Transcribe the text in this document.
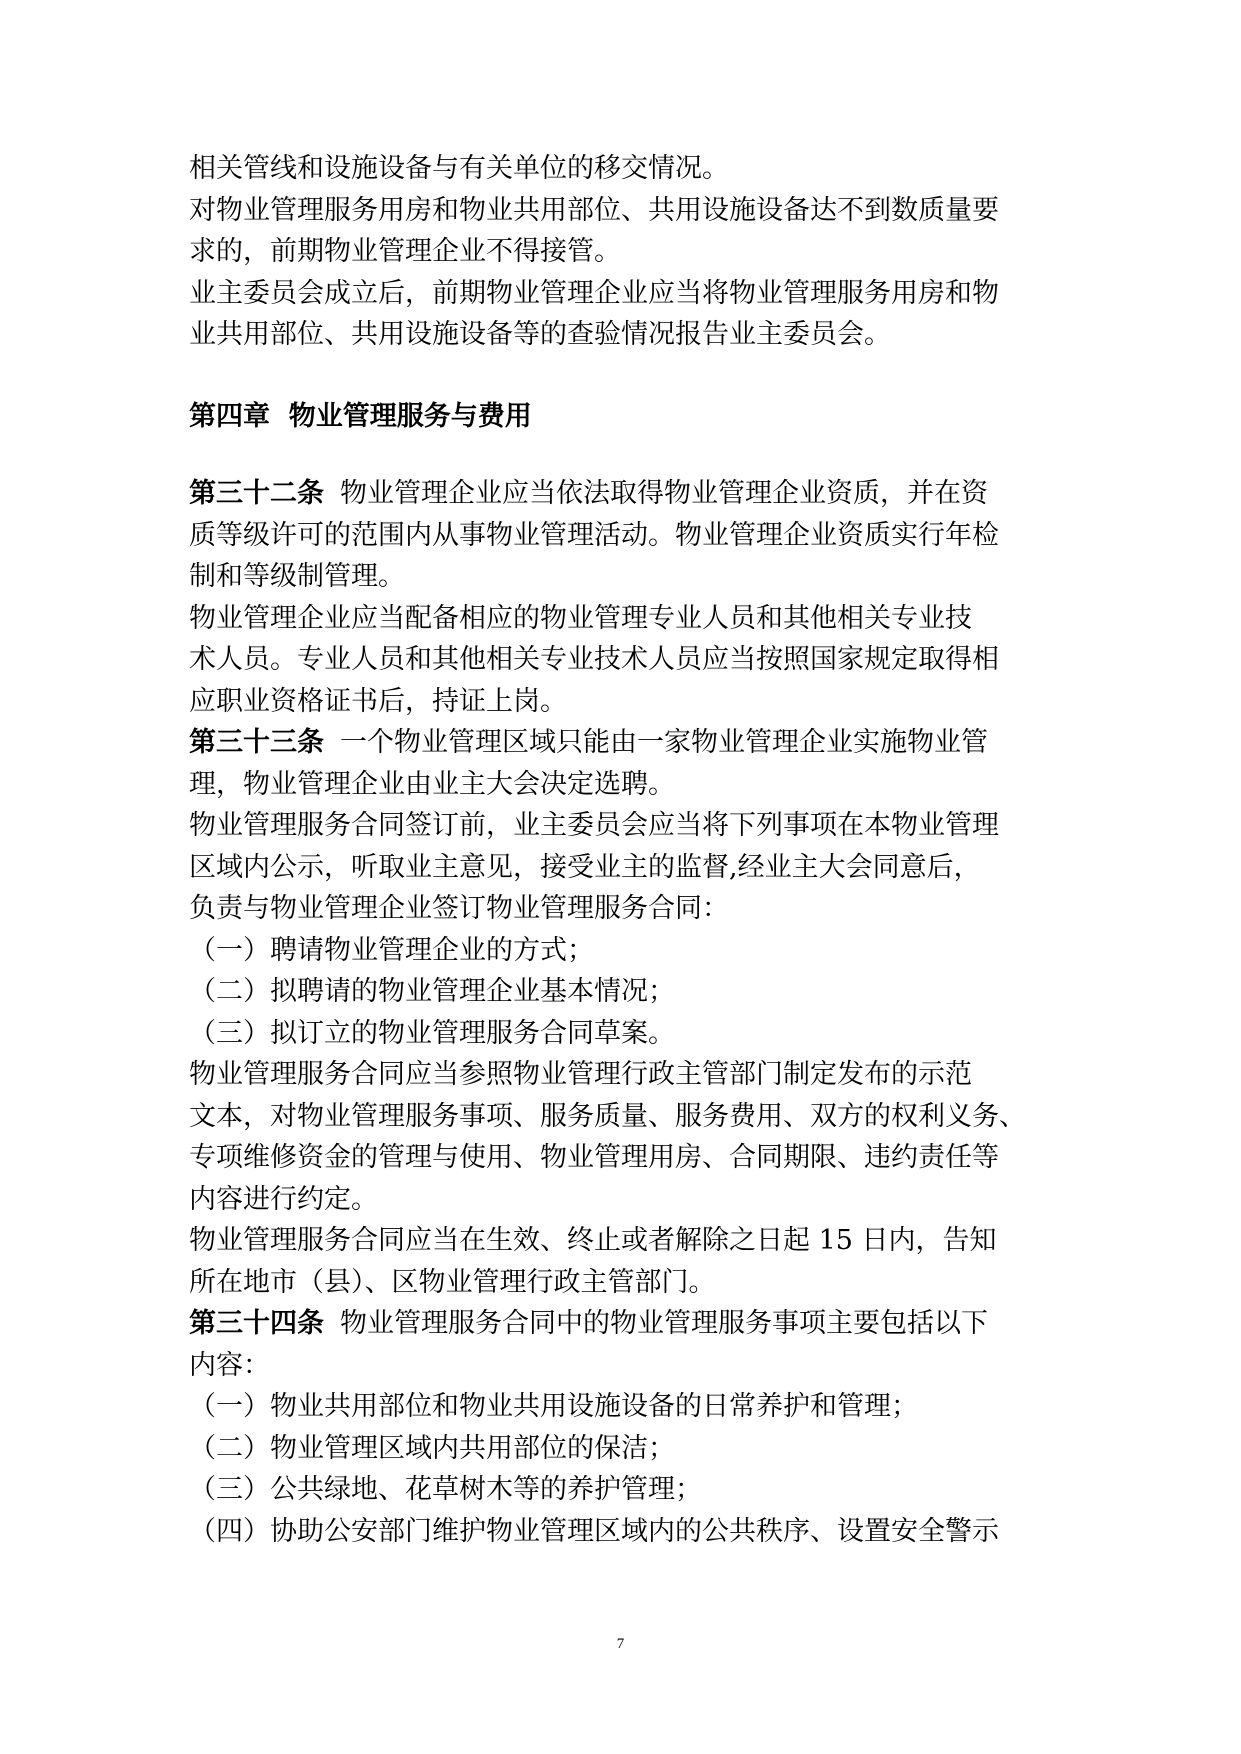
相关管线和设施设备与有关单位的移交情况。
对物业管理服务用房和物业共用部位、共用设施设备达不到数质量要
求的，前期物业管理企业不得接管。
业主委员会成立后，前期物业管理企业应当将物业管理服务用房和物
业共用部位、共用设施设备等的查验情况报告业主委员会。
第四章  物业管理服务与费用
第三十二条 物业管理企业应当依法取得物业管理企业资质，并在资
质等级许可的范围内从事物业管理活动。物业管理企业资质实行年检
制和等级制管理。
物业管理企业应当配备相应的物业管理专业人员和其他相关专业技
术人员。专业人员和其他相关专业技术人员应当按照国家规定取得相
应职业资格证书后，持证上岗。
第三十三条 一个物业管理区域只能由一家物业管理企业实施物业管
理，物业管理企业由业主大会决定选聘。
物业管理服务合同签订前，业主委员会应当将下列事项在本物业管理
区域内公示，听取业主意见，接受业主的监督,经业主大会同意后，
负责与物业管理企业签订物业管理服务合同：
（一）聘请物业管理企业的方式；
（二）拟聘请的物业管理企业基本情况；
（三）拟订立的物业管理服务合同草案。
物业管理服务合同应当参照物业管理行政主管部门制定发布的示范
文本，对物业管理服务事项、服务质量、服务费用、双方的权利义务、
专项维修资金的管理与使用、物业管理用房、合同期限、违约责任等
内容进行约定。
物业管理服务合同应当在生效、终止或者解除之日起 15 日内，告知
所在地市（县）、区物业管理行政主管部门。
第三十四条 物业管理服务合同中的物业管理服务事项主要包括以下
内容：
（一）物业共用部位和物业共用设施设备的日常养护和管理；
（二）物业管理区域内共用部位的保洁；
（三）公共绿地、花草树木等的养护管理；
（四）协助公安部门维护物业管理区域内的公共秩序、设置安全警示
7
